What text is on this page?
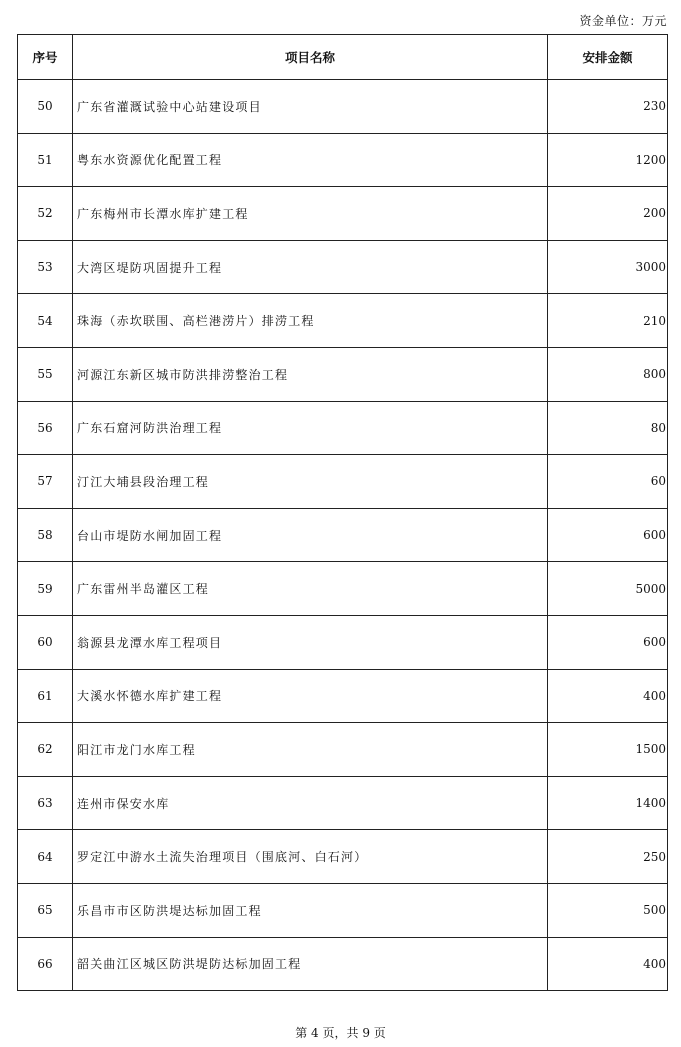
资金单位：万元
序号	项目名称	安排金额
50	广东省灌溉试验中心站建设项目	230
51	粤东水资源优化配置工程	1200
52	广东梅州市长潭水库扩建工程	200
53	大湾区堤防巩固提升工程	3000
54	珠海（赤坎联围、高栏港涝片）排涝工程	210
55	河源江东新区城市防洪排涝整治工程	800
56	广东石窟河防洪治理工程	80
57	汀江大埔县段治理工程	60
58	台山市堤防水闸加固工程	600
59	广东雷州半岛灌区工程	5000
60	翁源县龙潭水库工程项目	600
61	大溪水怀德水库扩建工程	400
62	阳江市龙门水库工程	1500
63	连州市保安水库	1400
64	罗定江中游水土流失治理项目（围底河、白石河）	250
65	乐昌市市区防洪堤达标加固工程	500
66	韶关曲江区城区防洪堤防达标加固工程	400
第 4 页，共 9 页
